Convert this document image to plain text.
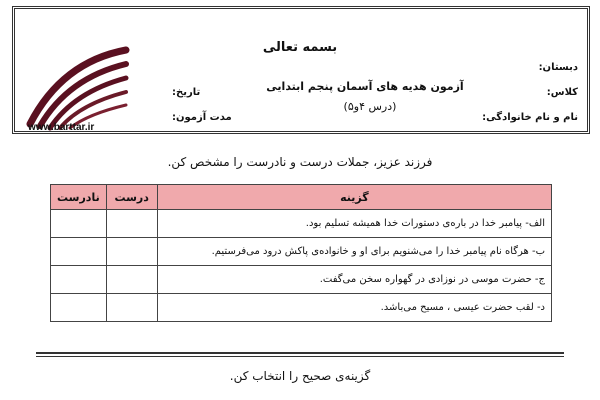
www.barttar.ir
بسمه تعالی
آزمون هدیه های آسمان پنجم ابتدایی
(درس ۴و۵)
دبستان:
کلاس:
نام و نام خانوادگی:
تاریخ:
مدت آزمون:
فرزند عزیز، جملات درست و نادرست را مشخص کن.
گزینه	درست	نادرست
الف- پیامبر خدا در باره‌ی دستورات خدا همیشه تسلیم بود.		
ب- هرگاه نام پیامبر خدا را می‌شنویم برای او و خانواده‌ی پاکش درود می‌فرستیم.		
ج- حضرت موسی در نوزادی در گهواره سخن می‌گفت.		
د- لقب حضرت عیسی ، مسیح می‌باشد.		
گزینه‌ی صحیح را انتخاب کن.
